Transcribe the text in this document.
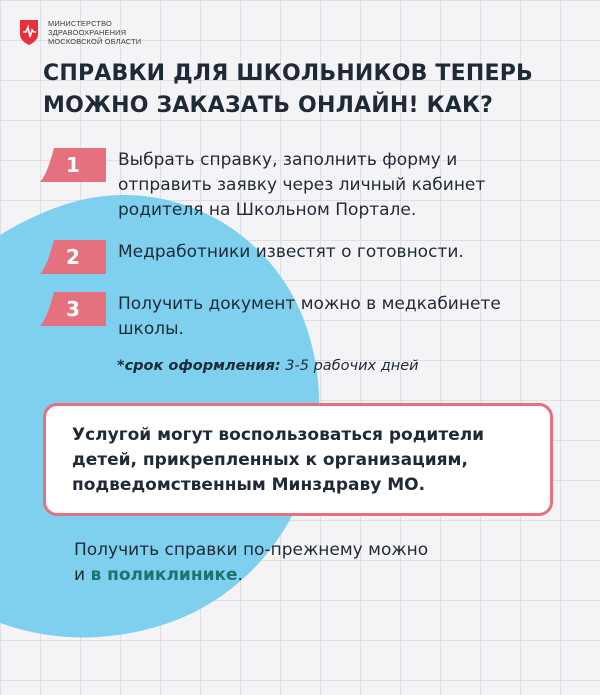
МИНИСТЕРСТВО
ЗДРАВООХРАНЕНИЯ
МОСКОВСКОЙ ОБЛАСТИ
СПРАВКИ ДЛЯ ШКОЛЬНИКОВ ТЕПЕРЬ
МОЖНО ЗАКАЗАТЬ ОНЛАЙН! КАК?
1	Выбрать справку, заполнить форму и отправить заявку через личный кабинет родителя на Школьном Портале.
2	Медработники известят о готовности.
3	Получить документ можно в медкабинете школы.
*срок оформления: 3-5 рабочих дней
Услугой могут воспользоваться родители детей, прикрепленных к организациям, подведомственным Минздраву МО.
Получить справки по-прежнему можно
и в поликлинике.
